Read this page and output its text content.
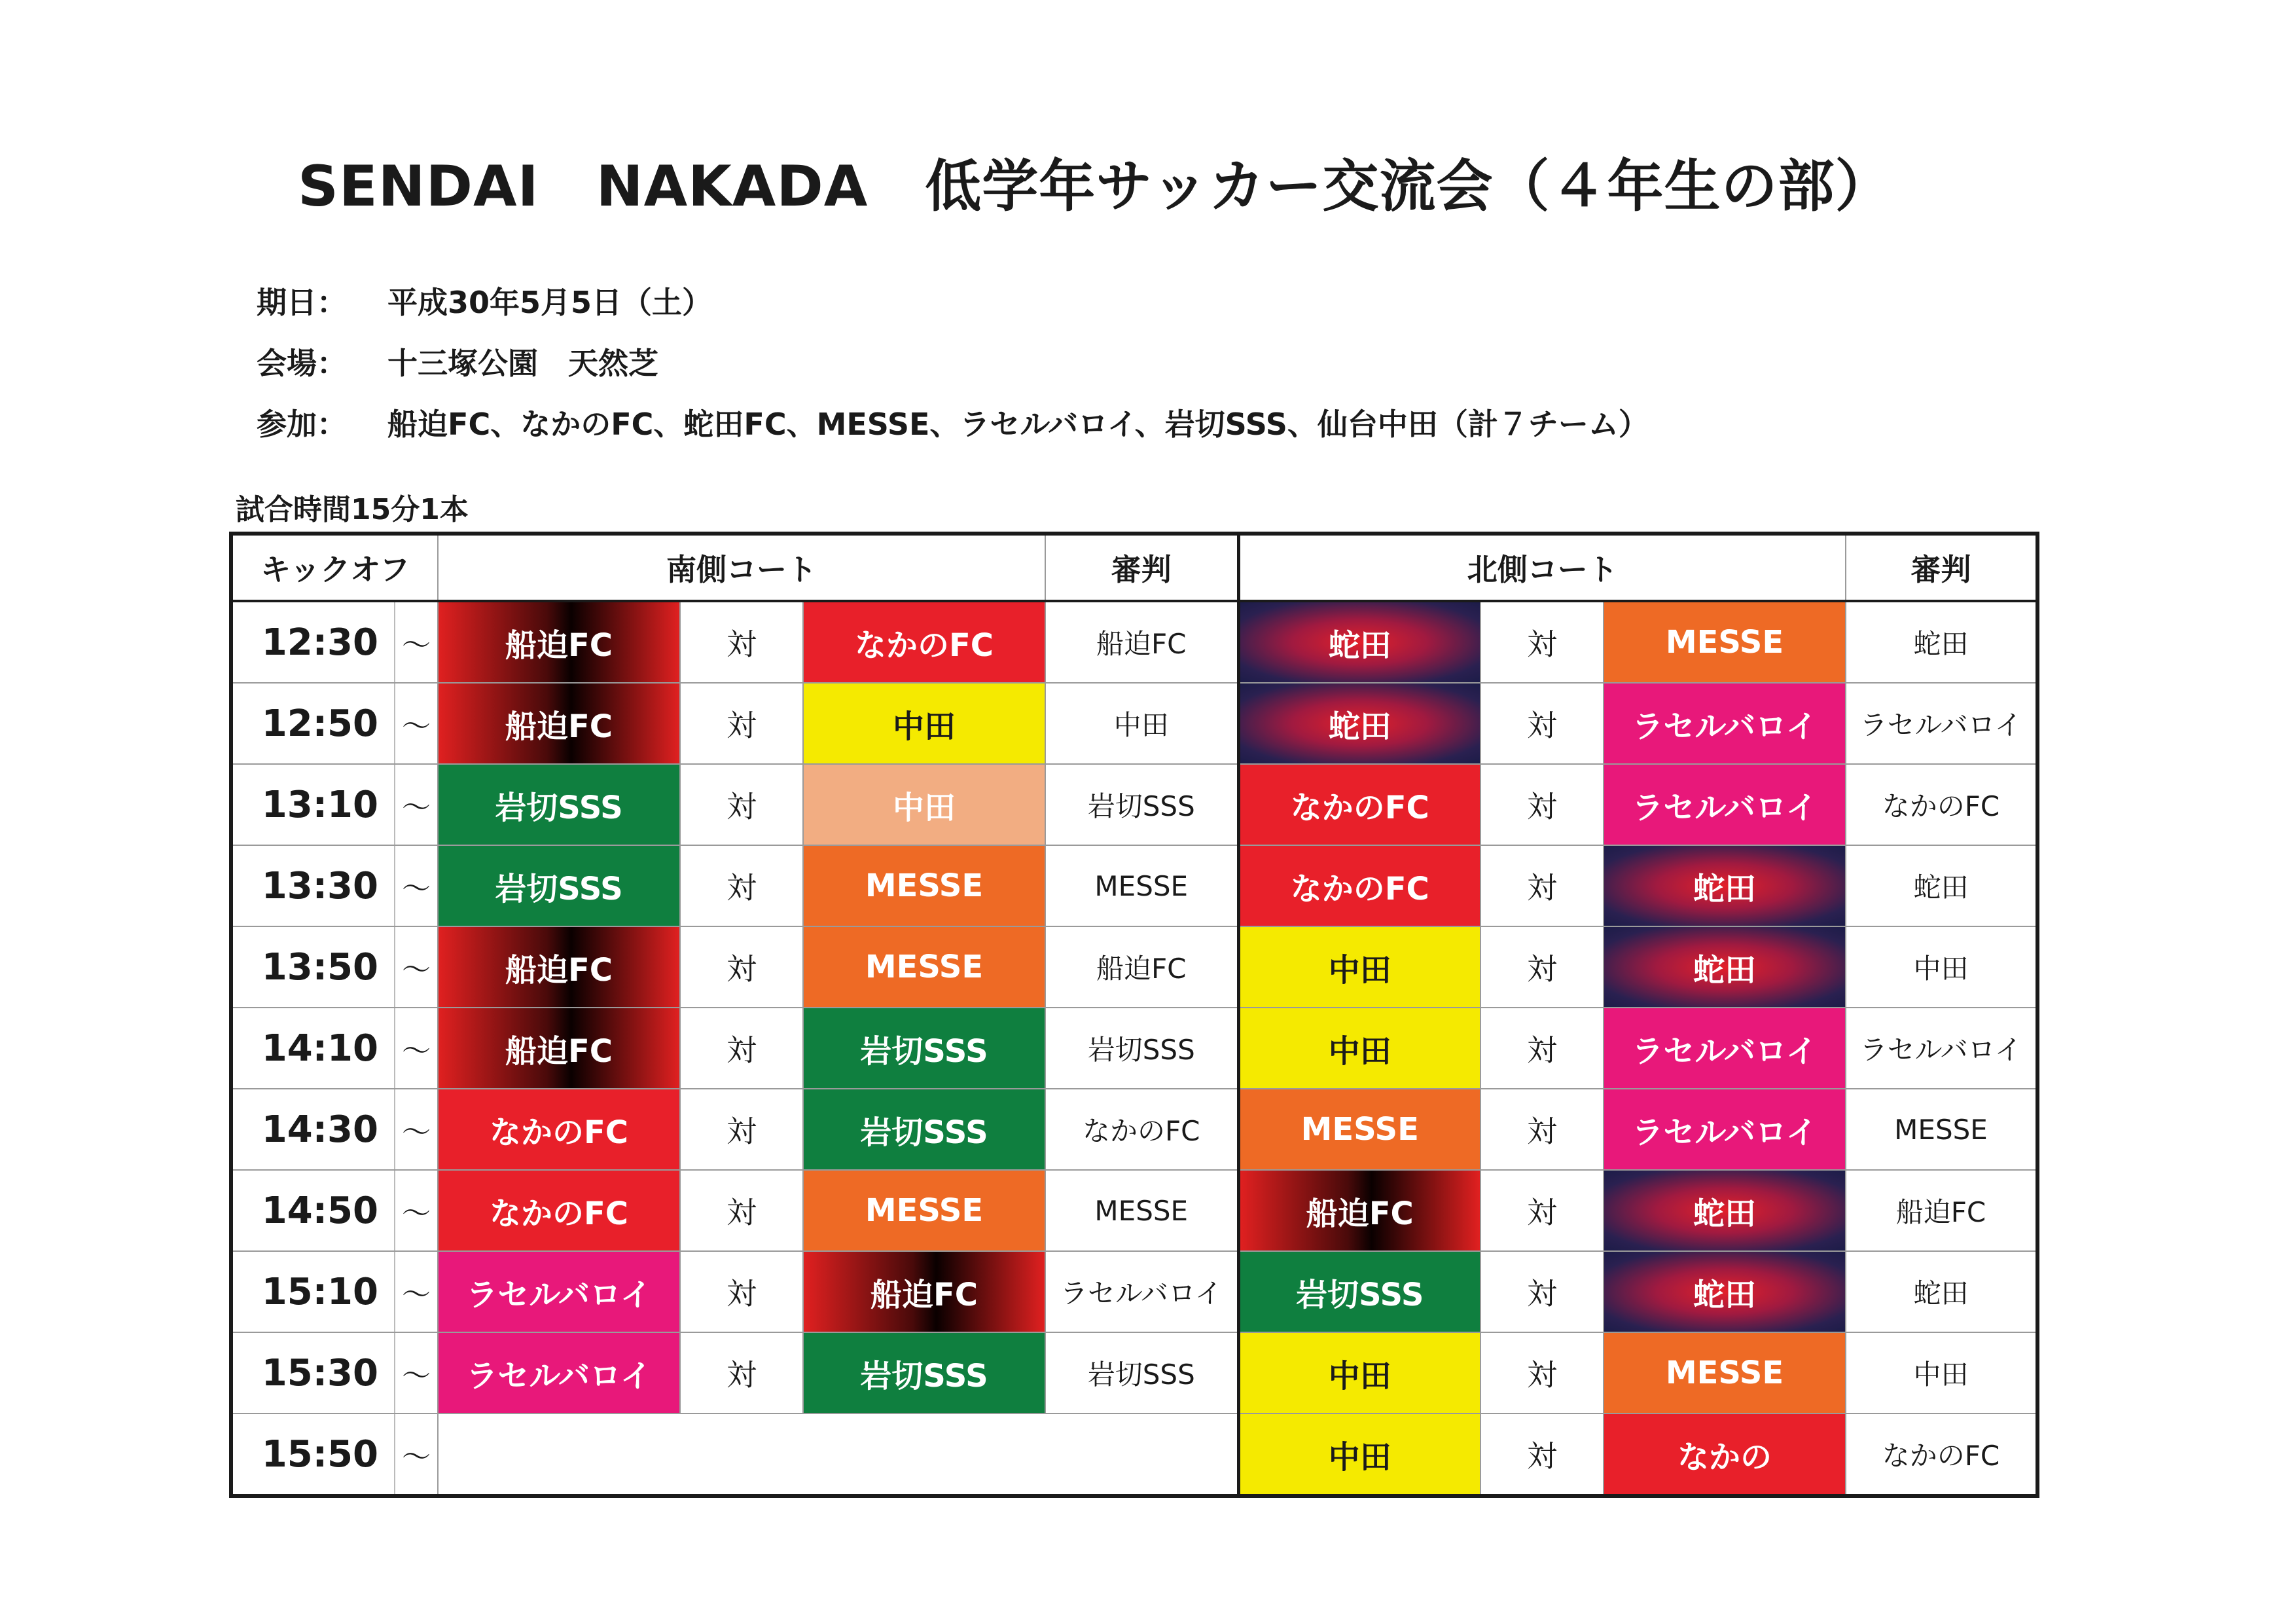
SENDAI　NAKADA　低学年サッカー交流会（４年生の部）

期日： 平成30年5月5日（土）

会場： 十三塚公園　天然芝

参加： 船迫FC、なかのFC、蛇田FC、MESSE、ラセルバロイ、岩切SSS、仙台中田（計７チーム）

試合時間15分1本
キックオフ		南側コート			審判	北側コート			審判
12:30	～	船迫FC	対	なかのFC	船迫FC	蛇田	対	MESSE	蛇田
12:50	～	船迫FC	対	中田	中田	蛇田	対	ラセルバロイ	ラセルバロイ
13:10	～	岩切SSS	対	中田	岩切SSS	なかのFC	対	ラセルバロイ	なかのFC
13:30	～	岩切SSS	対	MESSE	MESSE	なかのFC	対	蛇田	蛇田
13:50	～	船迫FC	対	MESSE	船迫FC	中田	対	蛇田	中田
14:10	～	船迫FC	対	岩切SSS	岩切SSS	中田	対	ラセルバロイ	ラセルバロイ
14:30	～	なかのFC	対	岩切SSS	なかのFC	MESSE	対	ラセルバロイ	MESSE
14:50	～	なかのFC	対	MESSE	MESSE	船迫FC	対	蛇田	船迫FC
15:10	～	ラセルバロイ	対	船迫FC	ラセルバロイ	岩切SSS	対	蛇田	蛇田
15:30	～	ラセルバロイ	対	岩切SSS	岩切SSS	中田	対	MESSE	中田
15:50	～					中田	対	なかの	なかのFC
